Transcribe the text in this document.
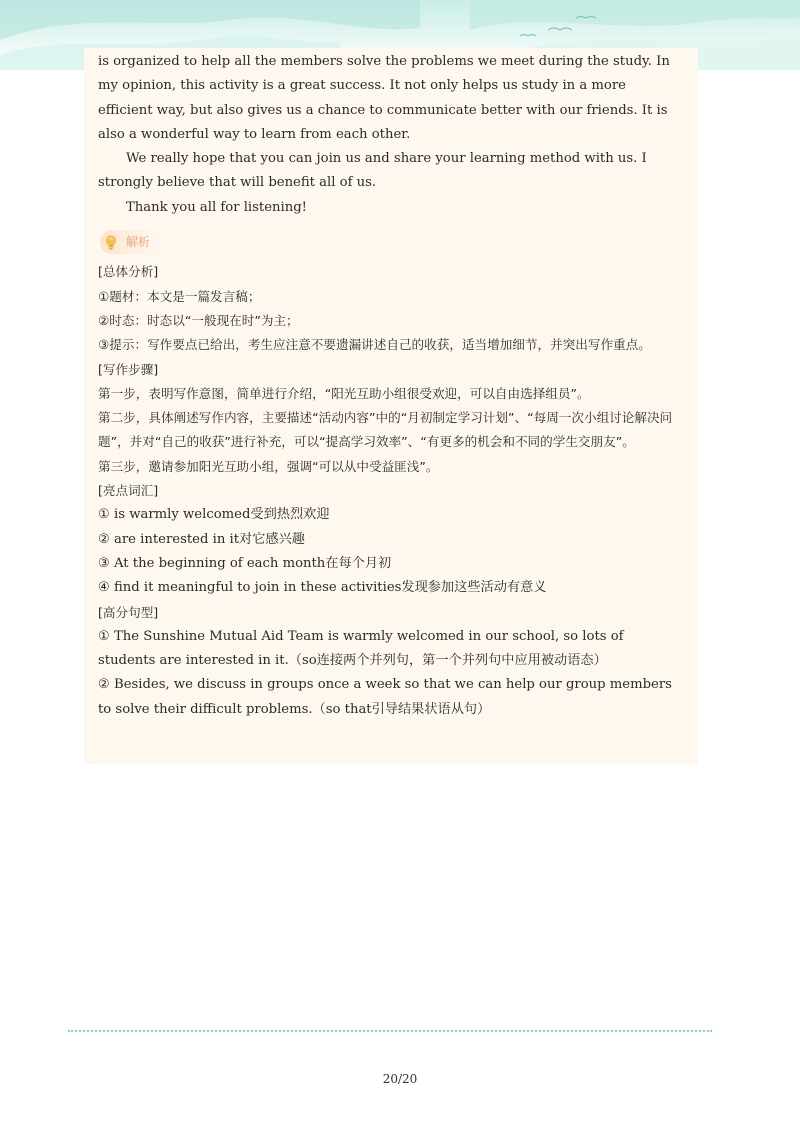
is organized to help all the members solve the problems we meet during the study. In my opinion, this activity is a great success. It not only helps us study in a more efficient way, but also gives us a chance to communicate better with our friends. It is also a wonderful way to learn from each other.

We really hope that you can join us and share your learning method with us. I strongly believe that will benefit all of us.

Thank you all for listening!

解析

[总体分析]

①题材：本文是一篇发言稿；

②时态：时态以“一般现在时”为主；

③提示：写作要点已给出，考生应注意不要遗漏讲述自己的收获，适当增加细节，并突出写作重点。

[写作步骤]

第一步，表明写作意图，简单进行介绍，“阳光互助小组很受欢迎，可以自由选择组员”。

第二步，具体阐述写作内容，主要描述“活动内容”中的“月初制定学习计划”、“每周一次小组讨论解决问题”，并对“自己的收获”进行补充，可以“提高学习效率”、“有更多的机会和不同的学生交朋友”。

第三步，邀请参加阳光互助小组，强调“可以从中受益匪浅”。

[亮点词汇]

① is warmly welcomed受到热烈欢迎

② are interested in it对它感兴趣

③ At the beginning of each month在每个月初

④ find it meaningful to join in these activities发现参加这些活动有意义

[高分句型]

① The Sunshine Mutual Aid Team is warmly welcomed in our school, so lots of students are interested in it.（so连接两个并列句，第一个并列句中应用被动语态）

② Besides, we discuss in groups once a week so that we can help our group members to solve their difficult problems.（so that引导结果状语从句）

20/20
